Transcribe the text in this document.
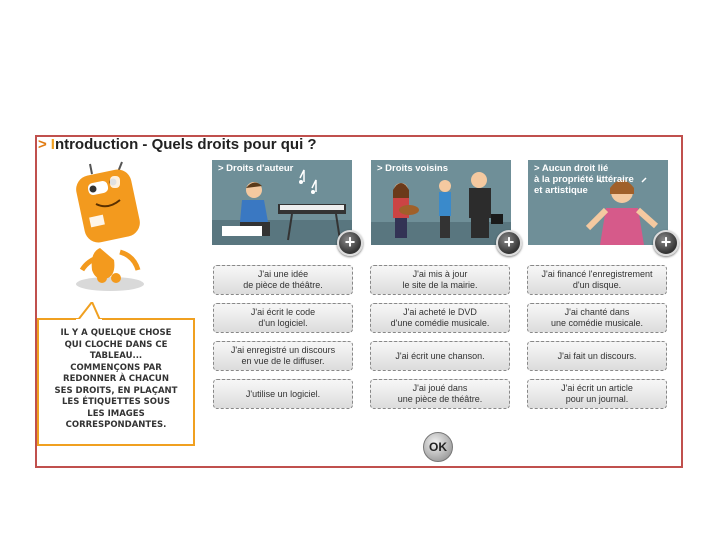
> Introduction - Quels droits pour qui ?
IL Y A QUELQUE CHOSE
QUI CLOCHE DANS CE
TABLEAU...
COMMENÇONS PAR
REDONNER À CHACUN
SES DROITS, EN PLAÇANT
LES ÉTIQUETTES SOUS
LES IMAGES
CORRESPONDANTES.
> Droits d'auteur
+
> Droits voisins
+
> Aucun droit lié
à la propriété littéraire
et artistique
+
J'ai une idée
de pièce de théâtre.
J'ai écrit le code
d'un logiciel.
J'ai enregistré un discours
en vue de le diffuser.
J'utilise un logiciel.
J'ai mis à jour
le site de la mairie.
J'ai acheté le DVD
d'une comédie musicale.
J'ai écrit une chanson.
J'ai joué dans
une pièce de théâtre.
J'ai financé l'enregistrement
d'un disque.
J'ai chanté dans
une comédie musicale.
J'ai fait un discours.
J'ai écrit un article
pour un journal.
OK
